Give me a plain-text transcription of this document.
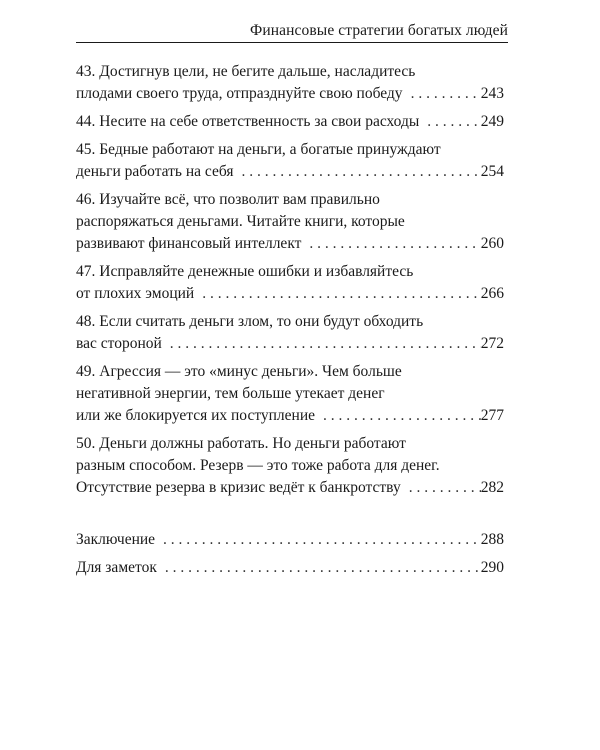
Финансовые стратегии богатых людей
43. Достигнув цели, не бегите дальше, насладитесь
плодами своего труда, отпразднуйте свою победу . . .	243
44. Несите на себе ответственность за свои расходы . . .	249
45. Бедные работают на деньги, а богатые принуждают
деньги работать на себя . . .	254
46. Изучайте всё, что позволит вам правильно
распоряжаться деньгами. Читайте книги, которые
развивают финансовый интеллект . . .	260
47. Исправляйте денежные ошибки и избавляйтесь
от плохих эмоций . . .	266
48. Если считать деньги злом, то они будут обходить
вас стороной . . .	272
49. Агрессия — это «минус деньги». Чем больше
негативной энергии, тем больше утекает денег
или же блокируется их поступление . . .	277
50. Деньги должны работать. Но деньги работают
разным способом. Резерв — это тоже работа для денег.
Отсутствие резерва в кризис ведёт к банкротству . . .	282
Заключение . . .	288
Для заметок . . .	290
